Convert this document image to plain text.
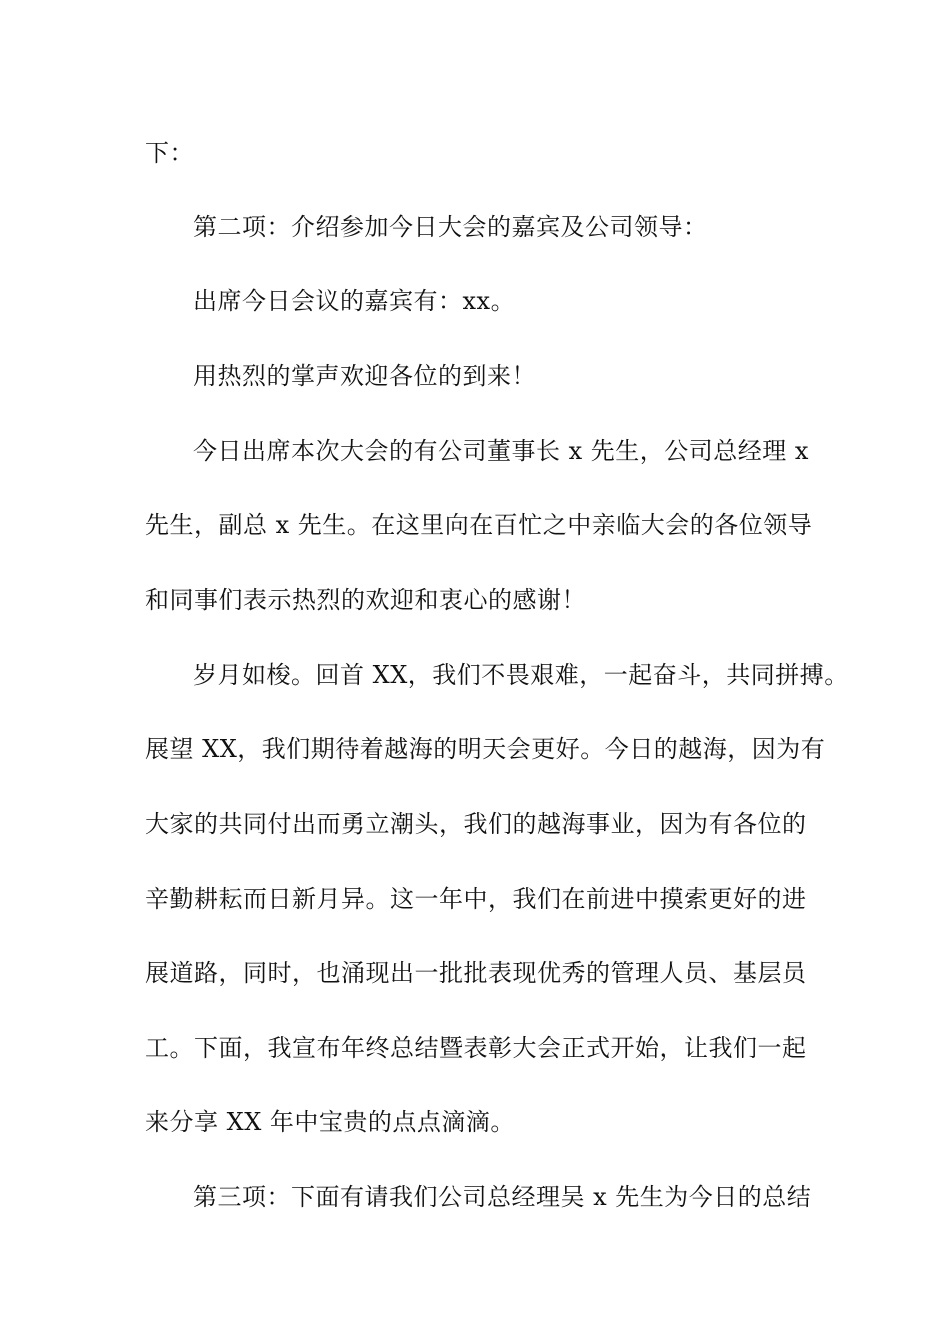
下：
第二项：介绍参加今日大会的嘉宾及公司领导：
出席今日会议的嘉宾有：xx。
用热烈的掌声欢迎各位的到来！
今日出席本次大会的有公司董事长 x 先生，公司总经理 x
先生，副总 x 先生。在这里向在百忙之中亲临大会的各位领导
和同事们表示热烈的欢迎和衷心的感谢！
岁月如梭。回首 XX，我们不畏艰难，一起奋斗，共同拼搏。
展望 XX，我们期待着越海的明天会更好。今日的越海，因为有
大家的共同付出而勇立潮头，我们的越海事业，因为有各位的
辛勤耕耘而日新月异。这一年中，我们在前进中摸索更好的进
展道路，同时，也涌现出一批批表现优秀的管理人员、基层员
工。下面，我宣布年终总结暨表彰大会正式开始，让我们一起
来分享 XX 年中宝贵的点点滴滴。
第三项：下面有请我们公司总经理吴 x 先生为今日的总结
